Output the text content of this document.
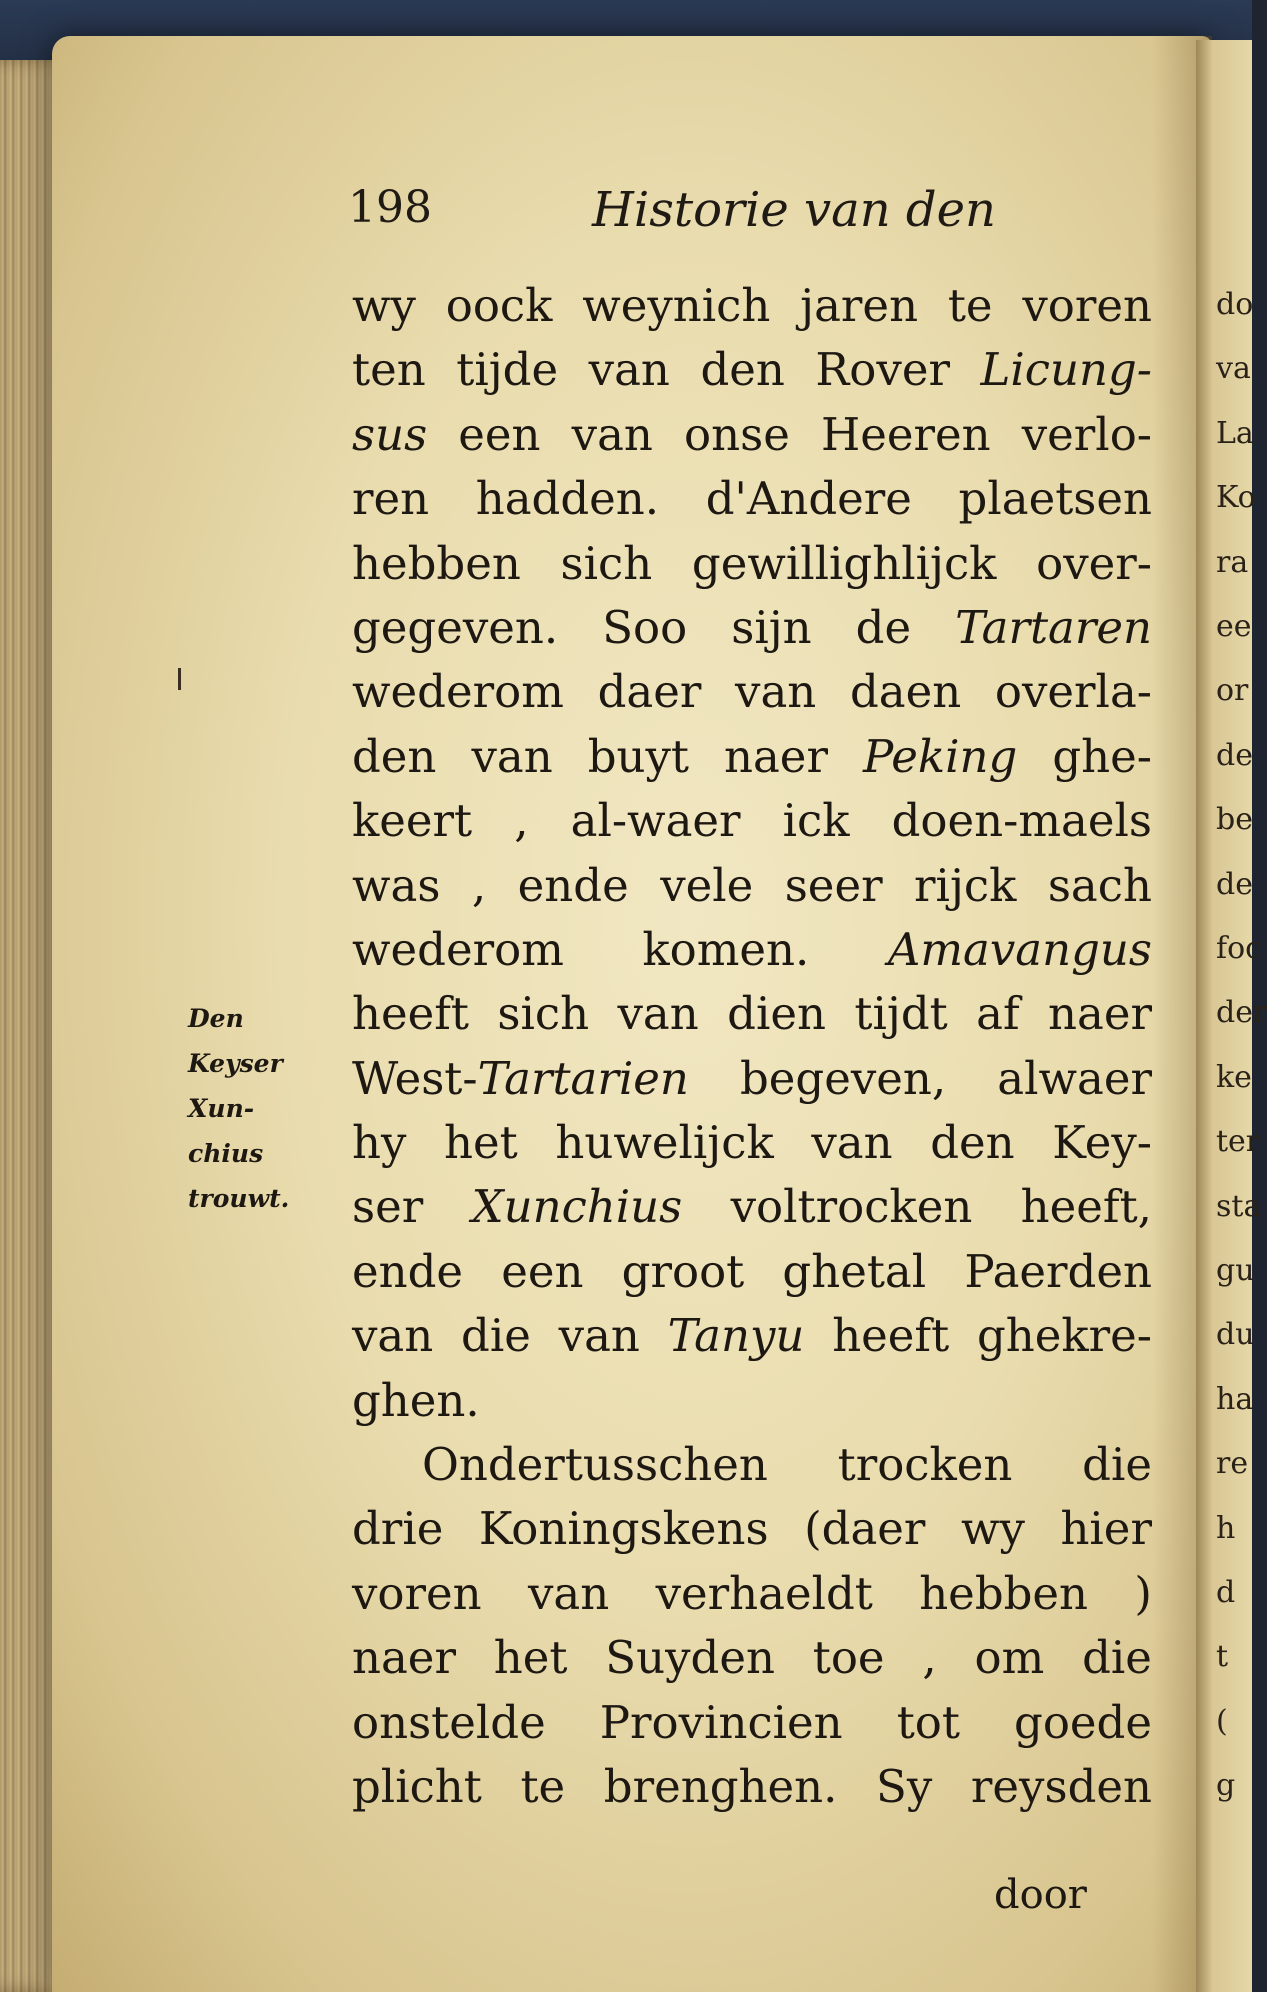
do
va
La
Ko
ra
ee
or
de
be
de
foc
der
ke
ter
sta
gu
du
ha
re
h
d
t
(
g
198	Historie van den
Den
Keyser
Xun-
chius
trouwt.
wy oock weynich jaren te voren
ten tijde van den Rover Licung-
sus een van onse Heeren verlo-
ren hadden. d'Andere plaetsen
hebben sich gewillighlijck over-
gegeven. Soo sijn de Tartaren
wederom daer van daen overla-
den van buyt naer Peking ghe-
keert , al-waer ick doen-maels
was , ende vele seer rijck sach
wederom komen. Amavangus
heeft sich van dien tijdt af naer
West-Tartarien begeven, alwaer
hy het huwelijck van den Key-
ser Xunchius voltrocken heeft,
ende een groot ghetal Paerden
van die van Tanyu heeft ghekre-
ghen.
Ondertusschen trocken die
drie Koningskens (daer wy hier
voren van verhaeldt hebben )
naer het Suyden toe , om die
onstelde Provincien tot goede
plicht te brenghen. Sy reysden
door
